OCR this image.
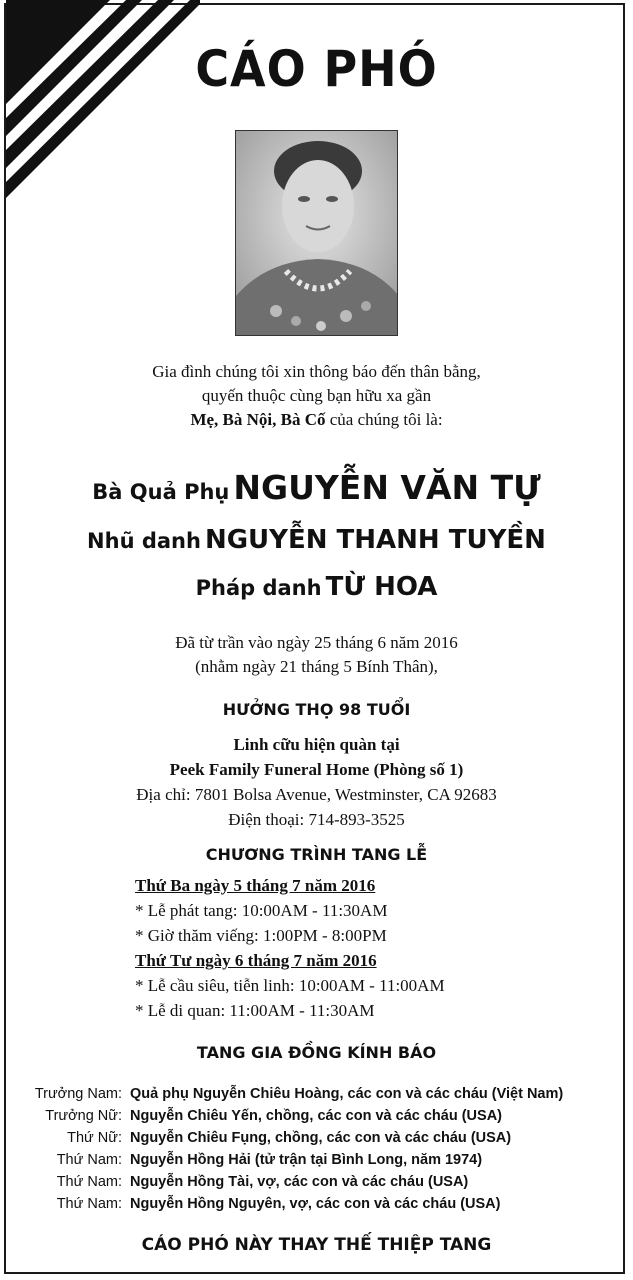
CÁO PHÓ
Gia đình chúng tôi xin thông báo đến thân bằng,
quyến thuộc cùng bạn hữu xa gần
Mẹ, Bà Nội, Bà Cố của chúng tôi là:
Bà Quả Phụ NGUYỄN VĂN TỰ
Nhũ danh NGUYỄN THANH TUYỀN
Pháp danh TỪ HOA
Đã từ trần vào ngày 25 tháng 6 năm 2016
(nhằm ngày 21 tháng 5 Bính Thân),
HƯỞNG THỌ 98 TUỔI
Linh cữu hiện quàn tại
Peek Family Funeral Home (Phòng số 1)
Địa chỉ: 7801 Bolsa Avenue, Westminster, CA 92683
Điện thoại: 714-893-3525
CHƯƠNG TRÌNH TANG LỄ
Thứ Ba ngày 5 tháng 7 năm 2016
* Lễ phát tang: 10:00AM - 11:30AM
* Giờ thăm viếng: 1:00PM - 8:00PM
Thứ Tư ngày 6 tháng 7 năm 2016
* Lễ cầu siêu, tiễn linh: 10:00AM - 11:00AM
* Lễ di quan: 11:00AM - 11:30AM
TANG GIA ĐỒNG KÍNH BÁO
Trưởng Nam: Quả phụ Nguyễn Chiêu Hoàng, các con và các cháu (Việt Nam)
Trưởng Nữ: Nguyễn Chiêu Yến, chồng, các con và các cháu (USA)
Thứ Nữ: Nguyễn Chiêu Fụng, chồng, các con và các cháu (USA)
Thứ Nam: Nguyễn Hồng Hải (tử trận tại Bình Long, năm 1974)
Thứ Nam: Nguyễn Hồng Tài, vợ, các con và các cháu (USA)
Thứ Nam: Nguyễn Hồng Nguyên, vợ, các con và các cháu (USA)
CÁO PHÓ NÀY THAY THẾ THIỆP TANG
